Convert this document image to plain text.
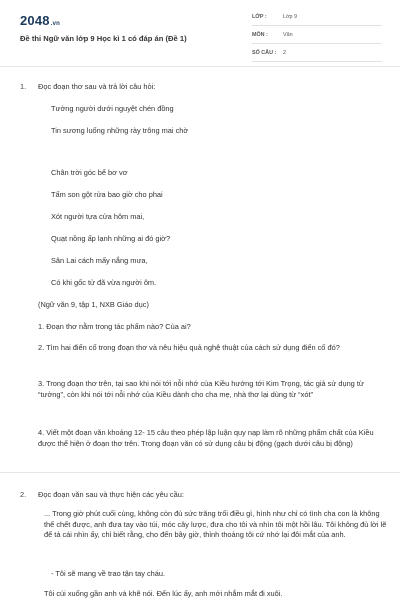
2048.vn
Đề thi Ngữ văn lớp 9 Học kì 1 có đáp án (Đề 1)
LỚP :	Lớp 9
MÔN :	Văn
SỐ CÂU :	2
1. Đọc đoạn thơ sau và trả lời câu hỏi:
Tưởng người dưới nguyệt chén đồng
Tin sương luống những rày trông mai chờ
Chân trời góc bể bơ vơ
Tấm son gột rửa bao giờ cho phai
Xót người tựa cửa hôm mai,
Quạt nồng ấp lạnh những ai đó giờ?
Sân Lai cách mấy nắng mưa,
Có khi gốc tử đã vừa người ôm.
(Ngữ văn 9, tập 1, NXB Giáo dục)
1. Đoạn thơ nằm trong tác phẩm nào? Của ai?
2. Tìm hai điển cố trong đoạn thơ và nêu hiệu quả nghệ thuật của cách sử dụng điển cố đó?
3. Trong đoạn thơ trên, tại sao khi nói tới nỗi nhớ của Kiều hướng tới Kim Trọng, tác giả sử dụng từ “tưởng”, còn khi nói tới nỗi nhớ của Kiều dành cho cha mẹ, nhà thơ lại dùng từ “xót”
4. Viết một đoạn văn khoảng 12- 15 câu theo phép lập luận quy nạp làm rõ những phẩm chất của Kiều được thể hiện ở đoạn thơ trên. Trong đoạn văn có sử dụng câu bị động (gạch dưới câu bị động)
2. Đọc đoạn văn sau và thực hiện các yêu cầu:
... Trong giờ phút cuối cùng, không còn đủ sức trăng trối điều gì, hình như chỉ có tình cha con là không thể chết được, anh đưa tay vào túi, móc cây lược, đưa cho tôi và nhìn tôi một hồi lâu. Tôi không đủ lời lẽ để tả cái nhìn ấy, chỉ biết rằng, cho đến bây giờ, thỉnh thoảng tôi cứ nhớ lại đôi mắt của anh.
- Tôi sẽ mang về trao tận tay cháu.
Tôi cúi xuống gần anh và khẽ nói. Đến lúc ấy, anh mới nhắm mắt đi xuôi.
